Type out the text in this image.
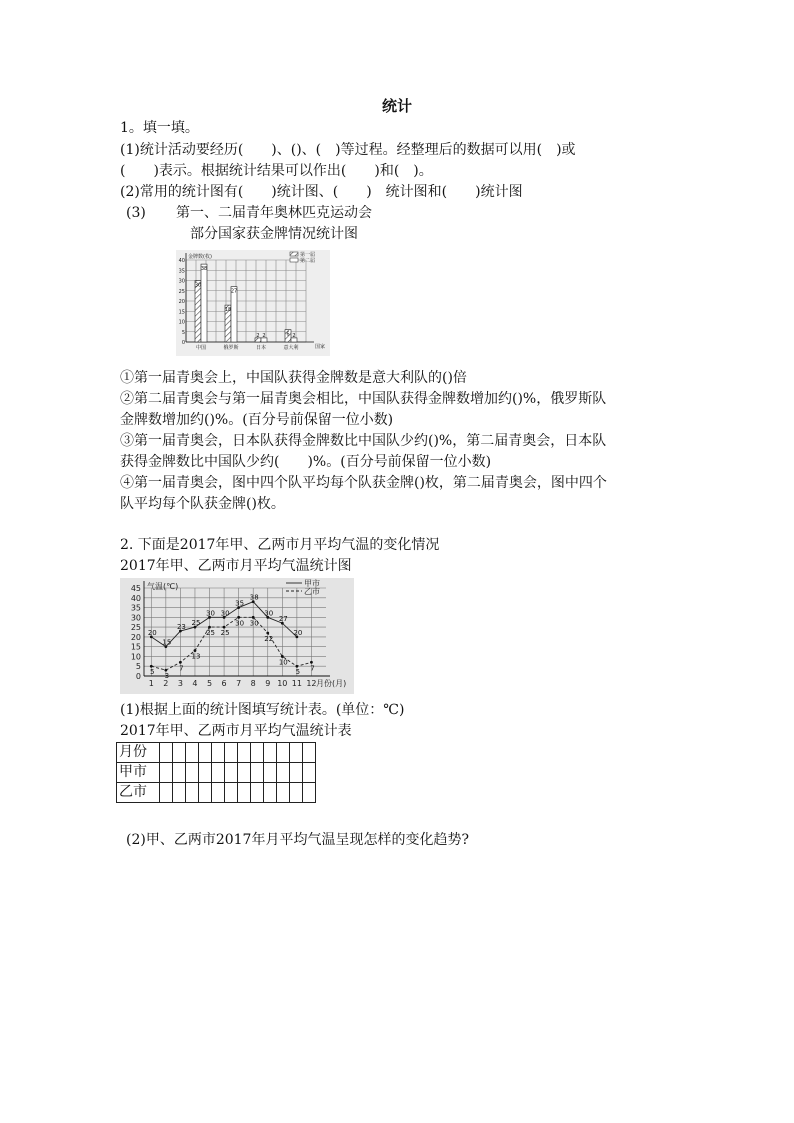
统计
1。填一填。
(1)统计活动要经历(　　)、()、(　)等过程。经整理后的数据可以用(　)或
(　　)表示。根据统计结果可以作出(　　)和(　)。
(2)常用的统计图有(　　)统计图、(　　)　统计图和(　　)统计图
(3) 第一、二届青年奥林匹克运动会
部分国家获金牌情况统计图
0
5
10
15
20
25
30
35
40
金牌数(枚)
国家
中国
30
38
俄罗斯
18
27
日本
2 2
意大利
6 2
第一届
第二届
①第一届青奥会上，中国队获得金牌数是意大利队的()倍
②第二届青奥会与第一届青奥会相比，中国队获得金牌数增加约()%，俄罗斯队
金牌数增加约()%。(百分号前保留一位小数)
③第一届青奥会，日本队获得金牌数比中国队少约()%，第二届青奥会，日本队
获得金牌数比中国队少约(　　)%。(百分号前保留一位小数)
④第一届青奥会，图中四个队平均每个队获金牌()枚，第二届青奥会，图中四个
队平均每个队获金牌()枚。
2. 下面是2017年甲、乙两市月平均气温的变化情况
2017年甲、乙两市月平均气温统计图
0
5
10
15
20
25
30
35
40
45
1 2 3 4 5 6 7 8 9 10 11 12
气温(℃)
月份(月)
20
15
23 25
30 30
35
38
30
27
20
甲市
5 3
7
13
25 25
30 30
22
10
5 7
乙市
(1)根据上面的统计图填写统计表。(单位：℃)
2017年甲、乙两市月平均气温统计表
月份												
甲市												
乙市												
(2)甲、乙两市2017年月平均气温呈现怎样的变化趋势?
